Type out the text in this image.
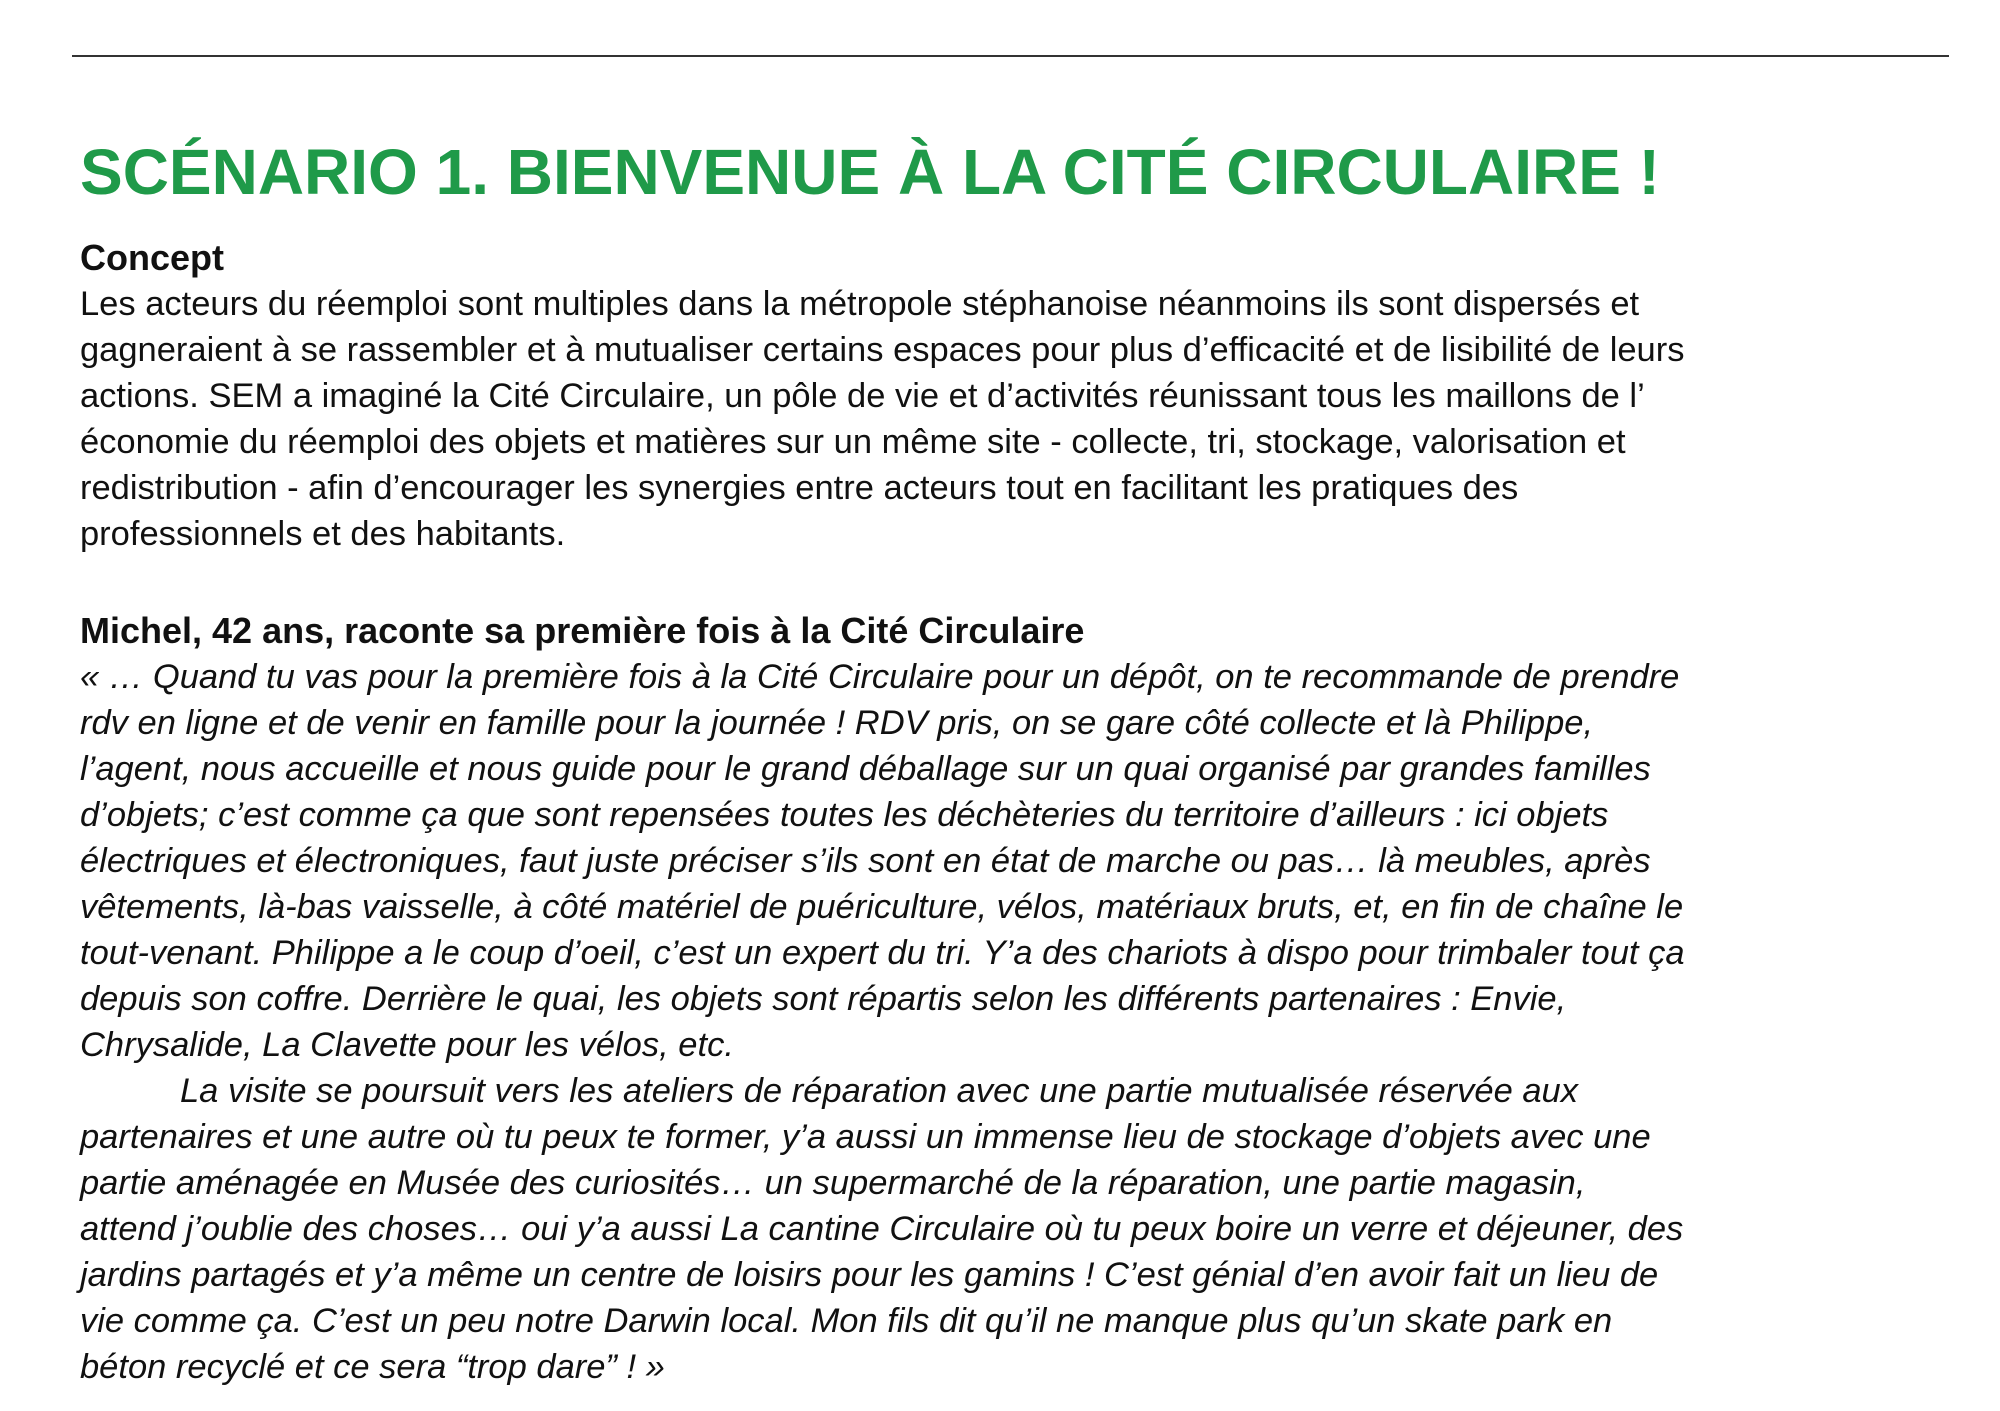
SCÉNARIO 1. BIENVENUE À LA CITÉ CIRCULAIRE !

Concept

Les acteurs du réemploi sont multiples dans la métropole stéphanoise néanmoins ils sont dispersés et
gagneraient à se rassembler et à mutualiser certains espaces pour plus d’efficacité et de lisibilité de leurs
actions. SEM a imaginé la Cité Circulaire, un pôle de vie et d’activités réunissant tous les maillons de l’
économie du réemploi des objets et matières sur un même site - collecte, tri, stockage, valorisation et
redistribution - afin d’encourager les synergies entre acteurs tout en facilitant les pratiques des
professionnels et des habitants.

Michel, 42 ans, raconte sa première fois à la Cité Circulaire

« … Quand tu vas pour la première fois à la Cité Circulaire pour un dépôt, on te recommande de prendre
rdv en ligne et de venir en famille pour la journée ! RDV pris, on se gare côté collecte et là Philippe,
l’agent, nous accueille et nous guide pour le grand déballage sur un quai organisé par grandes familles
d’objets; c’est comme ça que sont repensées toutes les déchèteries du territoire d’ailleurs : ici objets
électriques et électroniques, faut juste préciser s’ils sont en état de marche ou pas… là meubles, après
vêtements, là-bas vaisselle, à côté matériel de puériculture, vélos, matériaux bruts, et, en fin de chaîne le
tout-venant. Philippe a le coup d’oeil, c’est un expert du tri. Y’a des chariots à dispo pour trimbaler tout ça
depuis son coffre. Derrière le quai, les objets sont répartis selon les différents partenaires : Envie,
Chrysalide, La Clavette pour les vélos, etc.

La visite se poursuit vers les ateliers de réparation avec une partie mutualisée réservée aux
partenaires et une autre où tu peux te former, y’a aussi un immense lieu de stockage d’objets avec une
partie aménagée en Musée des curiosités… un supermarché de la réparation, une partie magasin,
attend j’oublie des choses… oui y’a aussi La cantine Circulaire où tu peux boire un verre et déjeuner, des
jardins partagés et y’a même un centre de loisirs pour les gamins ! C’est génial d’en avoir fait un lieu de
vie comme ça. C’est un peu notre Darwin local. Mon fils dit qu’il ne manque plus qu’un skate park en
béton recyclé et ce sera “trop dare” ! »
